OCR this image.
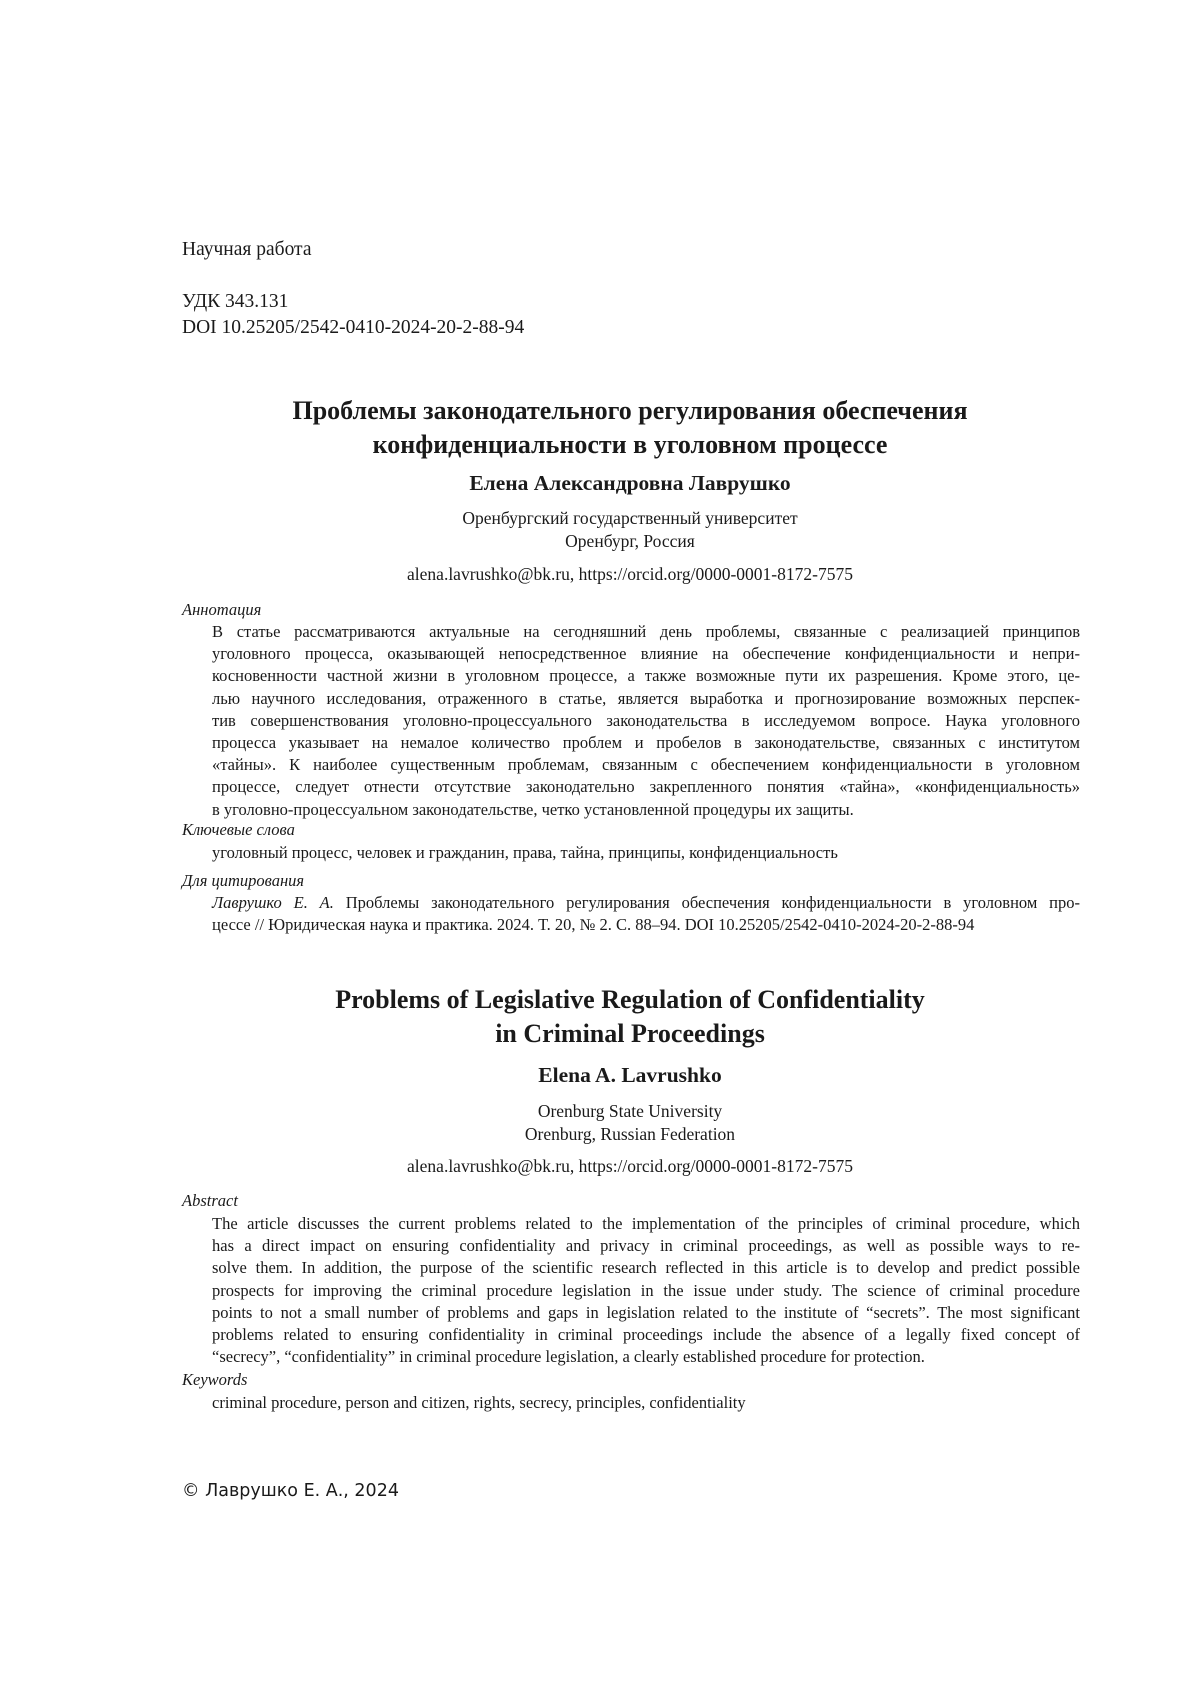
Научная работа
УДК 343.131
DOI 10.25205/2542-0410-2024-20-2-88-94
Проблемы законодательного регулирования обеспечения
конфиденциальности в уголовном процессе
Елена Александровна Лаврушко
Оренбургский государственный университет
Оренбург, Россия
alena.lavrushko@bk.ru, https://orcid.org/0000-0001-8172-7575
Аннотация
В статье рассматриваются актуальные на сегодняшний день проблемы, связанные с реализацией принципов
уголовного процесса, оказывающей непосредственное влияние на обеспечение конфиденциальности и непри-
косновенности частной жизни в уголовном процессе, а также возможные пути их разрешения. Кроме этого, це-
лью научного исследования, отраженного в статье, является выработка и прогнозирование возможных перспек-
тив совершенствования уголовно-процессуального законодательства в исследуемом вопросе. Наука уголовного
процесса указывает на немалое количество проблем и пробелов в законодательстве, связанных с институтом
«тайны». К наиболее существенным проблемам, связанным с обеспечением конфиденциальности в уголовном
процессе, следует отнести отсутствие законодательно закрепленного понятия «тайна», «конфиденциальность»
в уголовно-процессуальном законодательстве, четко установленной процедуры их защиты.
Ключевые слова
уголовный процесс, человек и гражданин, права, тайна, принципы, конфиденциальность
Для цитирования
Лаврушко Е. А. Проблемы законодательного регулирования обеспечения конфиденциальности в уголовном про-
цессе // Юридическая наука и практика. 2024. Т. 20, № 2. С. 88–94. DOI 10.25205/2542-0410-2024-20-2-88-94
Problems of Legislative Regulation of Confidentiality
in Criminal Proceedings
Elena A. Lavrushko
Orenburg State University
Orenburg, Russian Federation
alena.lavrushko@bk.ru, https://orcid.org/0000-0001-8172-7575
Abstract
The article discusses the current problems related to the implementation of the principles of criminal procedure, which
has a direct impact on ensuring confidentiality and privacy in criminal proceedings, as well as possible ways to re-
solve them. In addition, the purpose of the scientific research reflected in this article is to develop and predict possible
prospects for improving the criminal procedure legislation in the issue under study. The science of criminal procedure
points to not a small number of problems and gaps in legislation related to the institute of “secrets”. The most significant
problems related to ensuring confidentiality in criminal proceedings include the absence of a legally fixed concept of
“secrecy”, “confidentiality” in criminal procedure legislation, a clearly established procedure for protection.
Keywords
criminal procedure, person and citizen, rights, secrecy, principles, confidentiality
© Лаврушко Е. А., 2024
